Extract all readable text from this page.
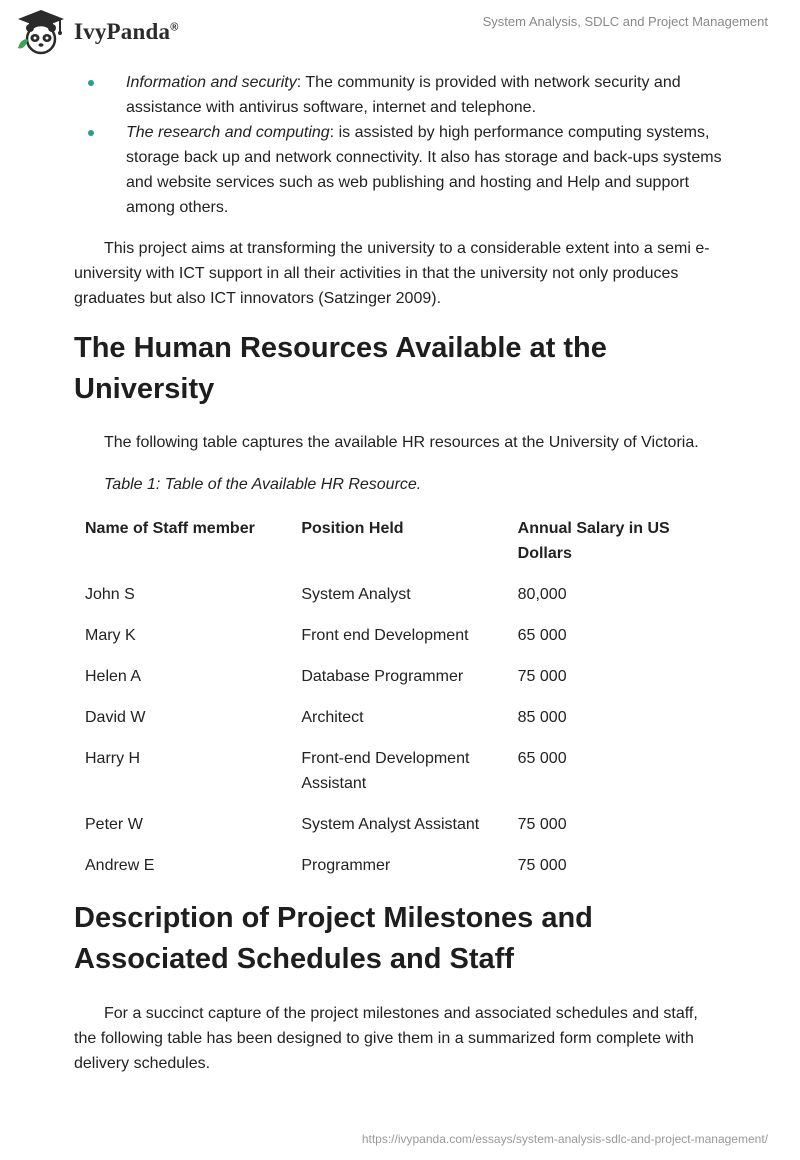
IvyPanda®	System Analysis, SDLC and Project Management
Information and security: The community is provided with network security and assistance with antivirus software, internet and telephone.
The research and computing: is assisted by high performance computing systems, storage back up and network connectivity. It also has storage and back-ups systems and website services such as web publishing and hosting and Help and support among others.

This project aims at transforming the university to a considerable extent into a semi e-university with ICT support in all their activities in that the university not only produces graduates but also ICT innovators (Satzinger 2009).

The Human Resources Available at the University

The following table captures the available HR resources at the University of Victoria.

Table 1: Table of the Available HR Resource.

Name of Staff member	Position Held	Annual Salary in US Dollars
John S	System Analyst	80,000
Mary K	Front end Development	65 000
Helen A	Database Programmer	75 000
David W	Architect	85 000
Harry H	Front-end Development Assistant	65 000
Peter W	System Analyst Assistant	75 000
Andrew E	Programmer	75 000
Description of Project Milestones and Associated Schedules and Staff

For a succinct capture of the project milestones and associated schedules and staff, the following table has been designed to give them in a summarized form complete with delivery schedules.

https://ivypanda.com/essays/system-analysis-sdlc-and-project-management/
